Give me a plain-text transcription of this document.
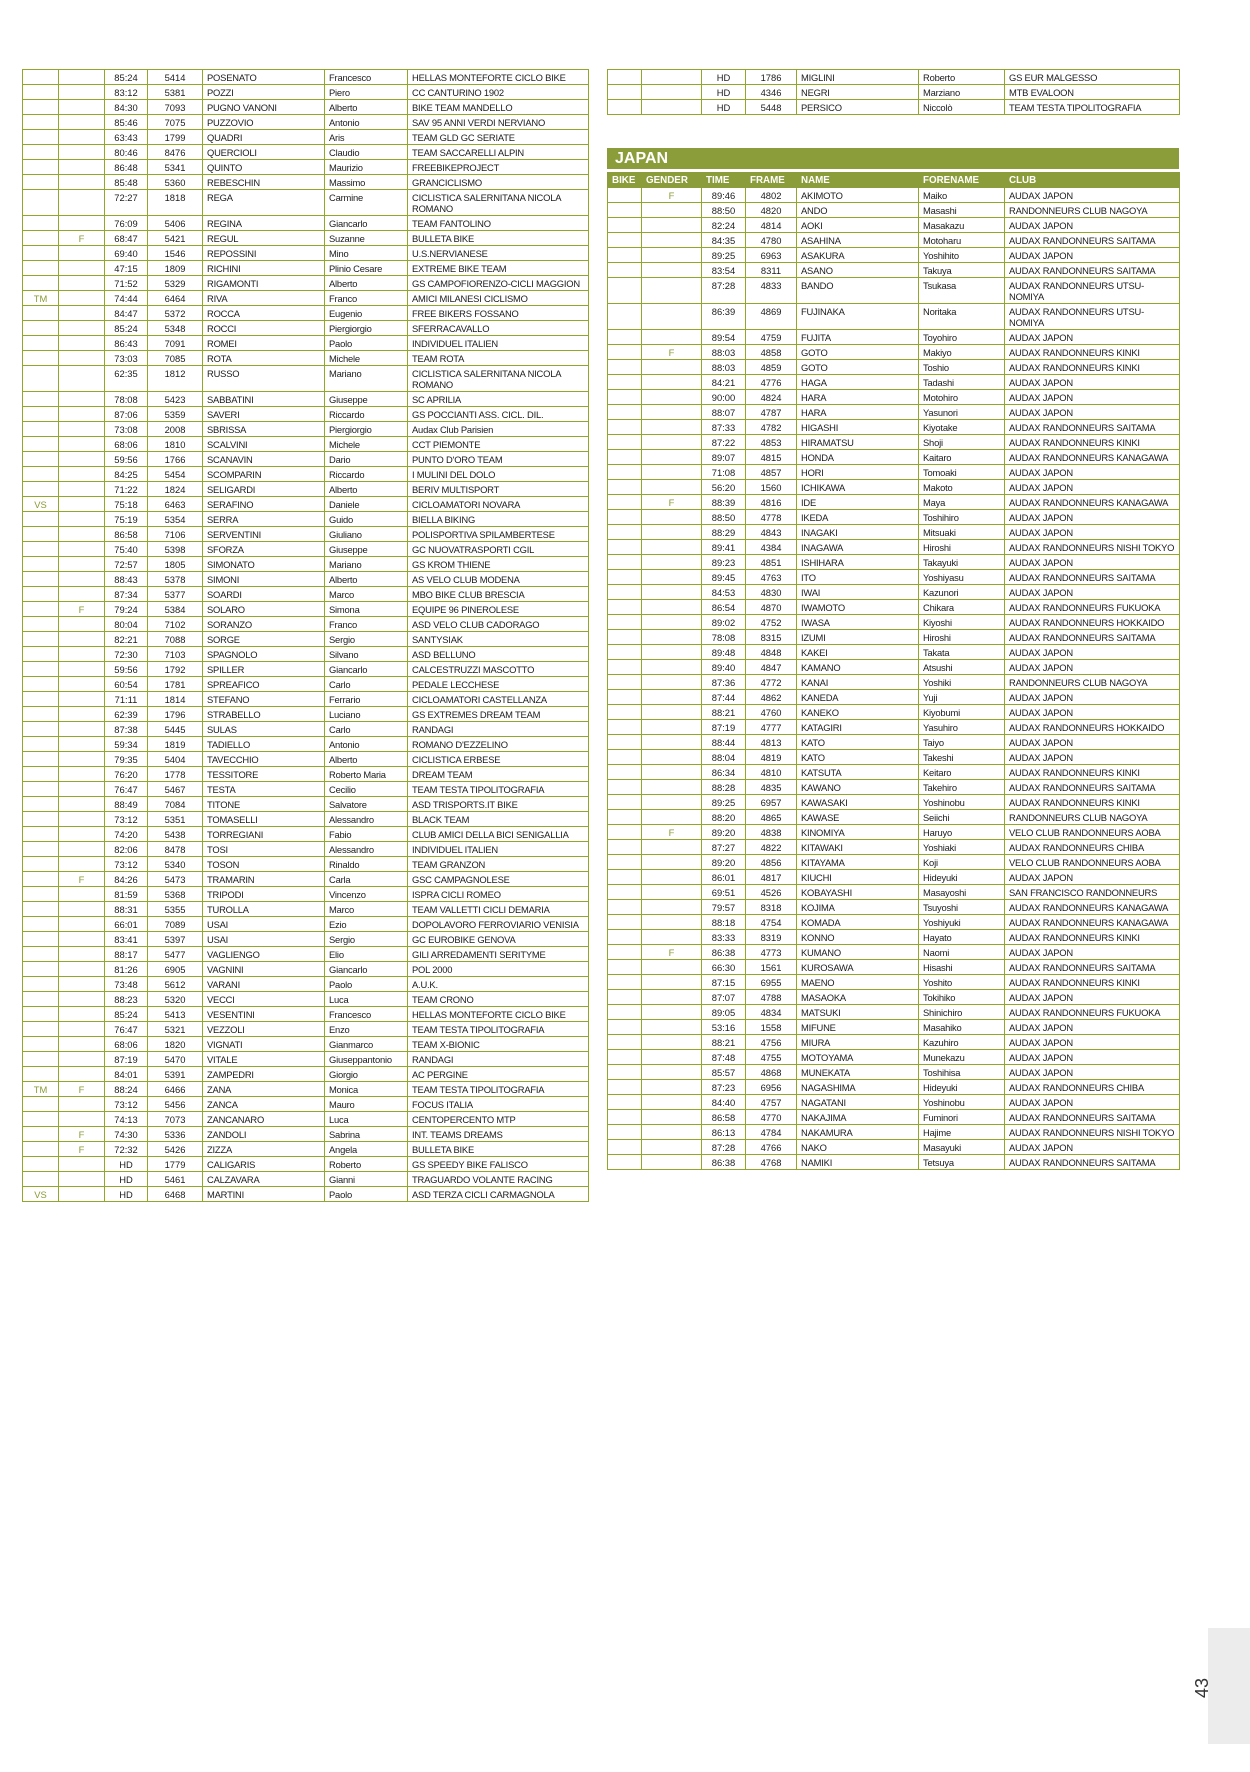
		85:24	5414	POSENATO	Francesco	HELLAS MONTEFORTE CICLO BIKE
		83:12	5381	POZZI	Piero	CC CANTURINO 1902
		84:30	7093	PUGNO VANONI	Alberto	BIKE TEAM MANDELLO
		85:46	7075	PUZZOVIO	Antonio	SAV 95 ANNI VERDI NERVIANO
		63:43	1799	QUADRI	Aris	TEAM GLD GC SERIATE
		80:46	8476	QUERCIOLI	Claudio	TEAM SACCARELLI ALPIN
		86:48	5341	QUINTO	Maurizio	FREEBIKEPROJECT
		85:48	5360	REBESCHIN	Massimo	GRANCICLISMO
		72:27	1818	REGA	Carmine	CICLISTICA SALERNITANA NICOLA ROMANO
		76:09	5406	REGINA	Giancarlo	TEAM FANTOLINO
	F	68:47	5421	REGUL	Suzanne	BULLETA BIKE
		69:40	1546	REPOSSINI	Mino	U.S.NERVIANESE
		47:15	1809	RICHINI	Plinio Cesare	EXTREME BIKE TEAM
		71:52	5329	RIGAMONTI	Alberto	GS CAMPOFIORENZO-CICLI MAGGION
TM		74:44	6464	RIVA	Franco	AMICI MILANESI CICLISMO
		84:47	5372	ROCCA	Eugenio	FREE BIKERS FOSSANO
		85:24	5348	ROCCI	Piergiorgio	SFERRACAVALLO
		86:43	7091	ROMEI	Paolo	INDIVIDUEL ITALIEN
		73:03	7085	ROTA	Michele	TEAM ROTA
		62:35	1812	RUSSO	Mariano	CICLISTICA SALERNITANA NICOLA ROMANO
		78:08	5423	SABBATINI	Giuseppe	SC APRILIA
		87:06	5359	SAVERI	Riccardo	GS POCCIANTI ASS. CICL. DIL.
		73:08	2008	SBRISSA	Piergiorgio	Audax Club Parisien
		68:06	1810	SCALVINI	Michele	CCT PIEMONTE
		59:56	1766	SCANAVIN	Dario	PUNTO D'ORO TEAM
		84:25	5454	SCOMPARIN	Riccardo	I MULINI DEL DOLO
		71:22	1824	SELIGARDI	Alberto	BERIV MULTISPORT
VS		75:18	6463	SERAFINO	Daniele	CICLOAMATORI NOVARA
		75:19	5354	SERRA	Guido	BIELLA BIKING
		86:58	7106	SERVENTINI	Giuliano	POLISPORTIVA SPILAMBERTESE
		75:40	5398	SFORZA	Giuseppe	GC NUOVATRASPORTI CGIL
		72:57	1805	SIMONATO	Mariano	GS KROM THIENE
		88:43	5378	SIMONI	Alberto	AS VELO CLUB MODENA
		87:34	5377	SOARDI	Marco	MBO BIKE CLUB BRESCIA
	F	79:24	5384	SOLARO	Simona	EQUIPE 96 PINEROLESE
		80:04	7102	SORANZO	Franco	ASD VELO CLUB CADORAGO
		82:21	7088	SORGE	Sergio	SANTYSIAK
		72:30	7103	SPAGNOLO	Silvano	ASD BELLUNO
		59:56	1792	SPILLER	Giancarlo	CALCESTRUZZI MASCOTTO
		60:54	1781	SPREAFICO	Carlo	PEDALE LECCHESE
		71:11	1814	STEFANO	Ferrario	CICLOAMATORI CASTELLANZA
		62:39	1796	STRABELLO	Luciano	GS EXTREMES DREAM TEAM
		87:38	5445	SULAS	Carlo	RANDAGI
		59:34	1819	TADIELLO	Antonio	ROMANO D'EZZELINO
		79:35	5404	TAVECCHIO	Alberto	CICLISTICA ERBESE
		76:20	1778	TESSITORE	Roberto Maria	DREAM TEAM
		76:47	5467	TESTA	Cecilio	TEAM TESTA TIPOLITOGRAFIA
		88:49	7084	TITONE	Salvatore	ASD TRISPORTS.IT BIKE
		73:12	5351	TOMASELLI	Alessandro	BLACK TEAM
		74:20	5438	TORREGIANI	Fabio	CLUB AMICI DELLA BICI SENIGALLIA
		82:06	8478	TOSI	Alessandro	INDIVIDUEL ITALIEN
		73:12	5340	TOSON	Rinaldo	TEAM GRANZON
	F	84:26	5473	TRAMARIN	Carla	GSC CAMPAGNOLESE
		81:59	5368	TRIPODI	Vincenzo	ISPRA CICLI ROMEO
		88:31	5355	TUROLLA	Marco	TEAM VALLETTI CICLI DEMARIA
		66:01	7089	USAI	Ezio	DOPOLAVORO FERROVIARIO VENISIA
		83:41	5397	USAI	Sergio	GC EUROBIKE GENOVA
		88:17	5477	VAGLIENGO	Elio	GILI ARREDAMENTI SERITYME
		81:26	6905	VAGNINI	Giancarlo	POL 2000
		73:48	5612	VARANI	Paolo	A.U.K.
		88:23	5320	VECCI	Luca	TEAM CRONO
		85:24	5413	VESENTINI	Francesco	HELLAS MONTEFORTE CICLO BIKE
		76:47	5321	VEZZOLI	Enzo	TEAM TESTA TIPOLITOGRAFIA
		68:06	1820	VIGNATI	Gianmarco	TEAM X-BIONIC
		87:19	5470	VITALE	Giuseppantonio	RANDAGI
		84:01	5391	ZAMPEDRI	Giorgio	AC PERGINE
TM	F	88:24	6466	ZANA	Monica	TEAM TESTA TIPOLITOGRAFIA
		73:12	5456	ZANCA	Mauro	FOCUS ITALIA
		74:13	7073	ZANCANARO	Luca	CENTOPERCENTO MTP
	F	74:30	5336	ZANDOLI	Sabrina	INT. TEAMS DREAMS
	F	72:32	5426	ZIZZA	Angela	BULLETA BIKE
		HD	1779	CALIGARIS	Roberto	GS SPEEDY BIKE FALISCO
		HD	5461	CALZAVARA	Gianni	TRAGUARDO VOLANTE RACING
VS		HD	6468	MARTINI	Paolo	ASD TERZA CICLI CARMAGNOLA
		HD	1786	MIGLINI	Roberto	GS EUR MALGESSO
		HD	4346	NEGRI	Marziano	MTB EVALOON
		HD	5448	PERSICO	Niccolò	TEAM TESTA TIPOLITOGRAFIA
JAPAN
BIKE	GENDER	TIME	FRAME	NAME	FORENAME	CLUB
	F	89:46	4802	AKIMOTO	Maiko	AUDAX JAPON
		88:50	4820	ANDO	Masashi	RANDONNEURS CLUB NAGOYA
		82:24	4814	AOKI	Masakazu	AUDAX JAPON
		84:35	4780	ASAHINA	Motoharu	AUDAX RANDONNEURS SAITAMA
		89:25	6963	ASAKURA	Yoshihito	AUDAX JAPON
		83:54	8311	ASANO	Takuya	AUDAX RANDONNEURS SAITAMA
		87:28	4833	BANDO	Tsukasa	AUDAX RANDONNEURS UTSU-NOMIYA
		86:39	4869	FUJINAKA	Noritaka	AUDAX RANDONNEURS UTSU-NOMIYA
		89:54	4759	FUJITA	Toyohiro	AUDAX JAPON
	F	88:03	4858	GOTO	Makiyo	AUDAX RANDONNEURS KINKI
		88:03	4859	GOTO	Toshio	AUDAX RANDONNEURS KINKI
		84:21	4776	HAGA	Tadashi	AUDAX JAPON
		90:00	4824	HARA	Motohiro	AUDAX JAPON
		88:07	4787	HARA	Yasunori	AUDAX JAPON
		87:33	4782	HIGASHI	Kiyotake	AUDAX RANDONNEURS SAITAMA
		87:22	4853	HIRAMATSU	Shoji	AUDAX RANDONNEURS KINKI
		89:07	4815	HONDA	Kaitaro	AUDAX RANDONNEURS KANAGAWA
		71:08	4857	HORI	Tomoaki	AUDAX JAPON
		56:20	1560	ICHIKAWA	Makoto	AUDAX JAPON
	F	88:39	4816	IDE	Maya	AUDAX RANDONNEURS KANAGAWA
		88:50	4778	IKEDA	Toshihiro	AUDAX JAPON
		88:29	4843	INAGAKI	Mitsuaki	AUDAX JAPON
		89:41	4384	INAGAWA	Hiroshi	AUDAX RANDONNEURS NISHI TOKYO
		89:23	4851	ISHIHARA	Takayuki	AUDAX JAPON
		89:45	4763	ITO	Yoshiyasu	AUDAX RANDONNEURS SAITAMA
		84:53	4830	IWAI	Kazunori	AUDAX JAPON
		86:54	4870	IWAMOTO	Chikara	AUDAX RANDONNEURS FUKUOKA
		89:02	4752	IWASA	Kiyoshi	AUDAX RANDONNEURS HOKKAIDO
		78:08	8315	IZUMI	Hiroshi	AUDAX RANDONNEURS SAITAMA
		89:48	4848	KAKEI	Takata	AUDAX JAPON
		89:40	4847	KAMANO	Atsushi	AUDAX JAPON
		87:36	4772	KANAI	Yoshiki	RANDONNEURS CLUB NAGOYA
		87:44	4862	KANEDA	Yuji	AUDAX JAPON
		88:21	4760	KANEKO	Kiyobumi	AUDAX JAPON
		87:19	4777	KATAGIRI	Yasuhiro	AUDAX RANDONNEURS HOKKAIDO
		88:44	4813	KATO	Taiyo	AUDAX JAPON
		88:04	4819	KATO	Takeshi	AUDAX JAPON
		86:34	4810	KATSUTA	Keitaro	AUDAX RANDONNEURS KINKI
		88:28	4835	KAWANO	Takehiro	AUDAX RANDONNEURS SAITAMA
		89:25	6957	KAWASAKI	Yoshinobu	AUDAX RANDONNEURS KINKI
		88:20	4865	KAWASE	Seiichi	RANDONNEURS CLUB NAGOYA
	F	89:20	4838	KINOMIYA	Haruyo	VELO CLUB RANDONNEURS AOBA
		87:27	4822	KITAWAKI	Yoshiaki	AUDAX RANDONNEURS CHIBA
		89:20	4856	KITAYAMA	Koji	VELO CLUB RANDONNEURS AOBA
		86:01	4817	KIUCHI	Hideyuki	AUDAX JAPON
		69:51	4526	KOBAYASHI	Masayoshi	SAN FRANCISCO RANDONNEURS
		79:57	8318	KOJIMA	Tsuyoshi	AUDAX RANDONNEURS KANAGAWA
		88:18	4754	KOMADA	Yoshiyuki	AUDAX RANDONNEURS KANAGAWA
		83:33	8319	KONNO	Hayato	AUDAX RANDONNEURS KINKI
	F	86:38	4773	KUMANO	Naomi	AUDAX JAPON
		66:30	1561	KUROSAWA	Hisashi	AUDAX RANDONNEURS SAITAMA
		87:15	6955	MAENO	Yoshito	AUDAX RANDONNEURS KINKI
		87:07	4788	MASAOKA	Tokihiko	AUDAX JAPON
		89:05	4834	MATSUKI	Shinichiro	AUDAX RANDONNEURS FUKUOKA
		53:16	1558	MIFUNE	Masahiko	AUDAX JAPON
		88:21	4756	MIURA	Kazuhiro	AUDAX JAPON
		87:48	4755	MOTOYAMA	Munekazu	AUDAX JAPON
		85:57	4868	MUNEKATA	Toshihisa	AUDAX JAPON
		87:23	6956	NAGASHIMA	Hideyuki	AUDAX RANDONNEURS CHIBA
		84:40	4757	NAGATANI	Yoshinobu	AUDAX JAPON
		86:58	4770	NAKAJIMA	Fuminori	AUDAX RANDONNEURS SAITAMA
		86:13	4784	NAKAMURA	Hajime	AUDAX RANDONNEURS NISHI TOKYO
		87:28	4766	NAKO	Masayuki	AUDAX JAPON
		86:38	4768	NAMIKI	Tetsuya	AUDAX RANDONNEURS SAITAMA
43
